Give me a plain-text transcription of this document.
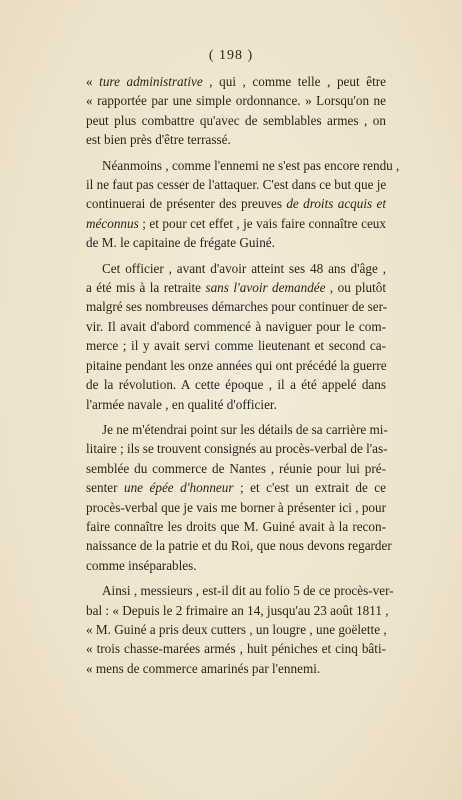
( 198 )

« ture administrative , qui , comme telle , peut être
« rapportée par une simple ordonnance. » Lorsqu'on ne
peut plus combattre qu'avec de semblables armes , on
est bien près d'être terrassé.

Néanmoins , comme l'ennemi ne s'est pas encore rendu ,
il ne faut pas cesser de l'attaquer. C'est dans ce but que je
continuerai de présenter des preuves de droits acquis et
méconnus ; et pour cet effet , je vais faire connaître ceux
de M. le capitaine de frégate Guiné.

Cet officier , avant d'avoir atteint ses 48 ans d'âge ,
a été mis à la retraite sans l'avoir demandée , ou plutôt
malgré ses nombreuses démarches pour continuer de ser-
vir. Il avait d'abord commencé à naviguer pour le com-
merce ; il y avait servi comme lieutenant et second ca-
pitaine pendant les onze années qui ont précédé la guerre
de la révolution. A cette époque , il a été appelé dans
l'armée navale , en qualité d'officier.

Je ne m'étendrai point sur les détails de sa carrière mi-
litaire ; ils se trouvent consignés au procès-verbal de l'as-
semblée du commerce de Nantes , réunie pour lui pré-
senter une épée d'honneur ; et c'est un extrait de ce
procès-verbal que je vais me borner à présenter ici , pour
faire connaître les droits que M. Guiné avait à la recon-
naissance de la patrie et du Roi, que nous devons regarder
comme inséparables.

Ainsi , messieurs , est-il dit au folio 5 de ce procès-ver-
bal : « Depuis le 2 frimaire an 14, jusqu'au 23 août 1811 ,
« M. Guiné a pris deux cutters , un lougre , une goëlette ,
« trois chasse-marées armés , huit péniches et cinq bâti-
« mens de commerce amarinés par l'ennemi.
